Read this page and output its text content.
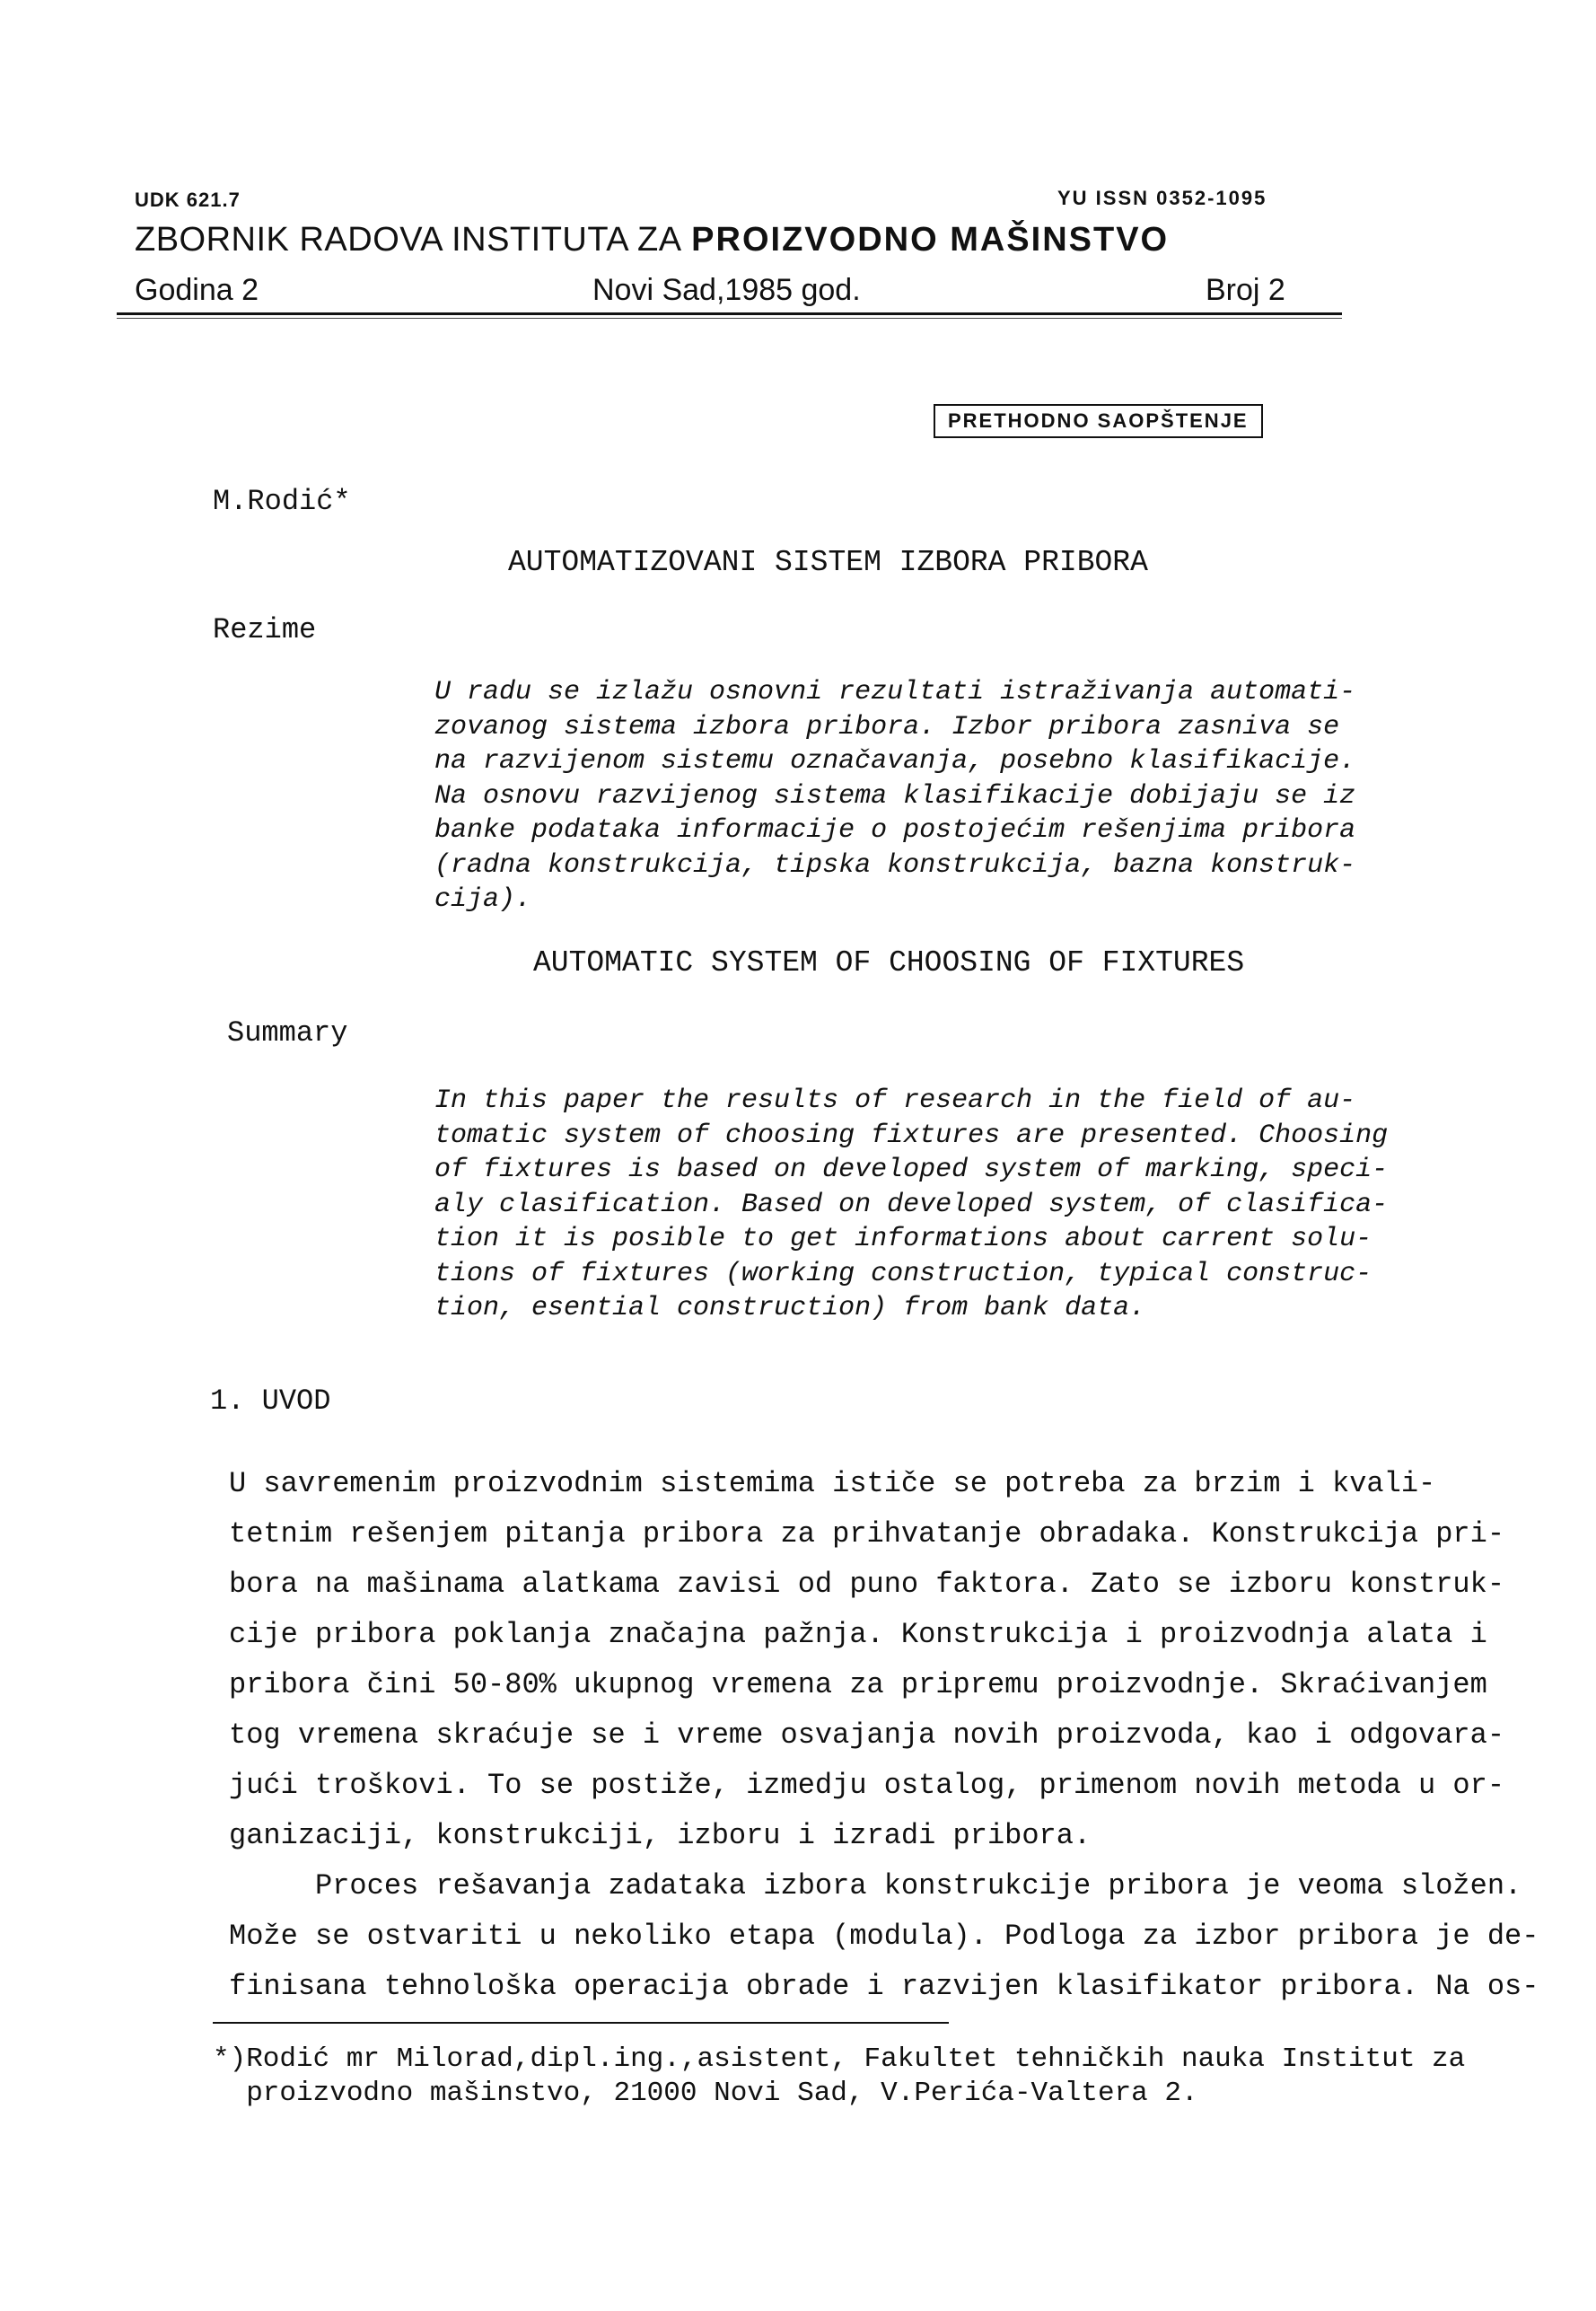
UDK 621.7	YU ISSN 0352-1095
ZBORNIK RADOVA INSTITUTA ZA PROIZVODNO MAŠINSTVO
Godina 2	Novi Sad,1985 god.	Broj 2
PRETHODNO SAOPŠTENJE
M.Rodić*
AUTOMATIZOVANI SISTEM IZBORA PRIBORA
Rezime
U radu se izlažu osnovni rezultati istraživanja automati-
zovanog sistema izbora pribora. Izbor pribora zasniva se
na razvijenom sistemu označavanja, posebno klasifikacije.
Na osnovu razvijenog sistema klasifikacije dobijaju se iz
banke podataka informacije o postojećim rešenjima pribora
(radna konstrukcija, tipska konstrukcija, bazna konstruk-
cija).
AUTOMATIC SYSTEM OF CHOOSING OF FIXTURES
Summary
In this paper the results of research in the field of au-
tomatic system of choosing fixtures are presented. Choosing
of fixtures is based on developed system of marking, speci-
aly clasification. Based on developed system, of clasifica-
tion it is posible to get informations about carrent solu-
tions of fixtures (working construction, typical construc-
tion, esential construction) from bank data.
1. UVOD
U savremenim proizvodnim sistemima ističe se potreba za brzim i kvali-
tetnim rešenjem pitanja pribora za prihvatanje obradaka. Konstrukcija pri-
bora na mašinama alatkama zavisi od puno faktora. Zato se izboru konstruk-
cije pribora poklanja značajna pažnja. Konstrukcija i proizvodnja alata i
pribora čini 50-80% ukupnog vremena za pripremu proizvodnje. Skraćivanjem
tog vremena skraćuje se i vreme osvajanja novih proizvoda, kao i odgovara-
jući troškovi. To se postiže, izmedju ostalog, primenom novih metoda u or-
ganizaciji, konstrukciji, izboru i izradi pribora.
Proces rešavanja zadataka izbora konstrukcije pribora je veoma složen.
Može se ostvariti u nekoliko etapa (modula). Podloga za izbor pribora je de-
finisana tehnološka operacija obrade i razvijen klasifikator pribora. Na os-
*)Rodić mr Milorad,dipl.ing.,asistent, Fakultet tehničkih nauka Institut za
proizvodno mašinstvo, 21000 Novi Sad, V.Perića-Valtera 2.
